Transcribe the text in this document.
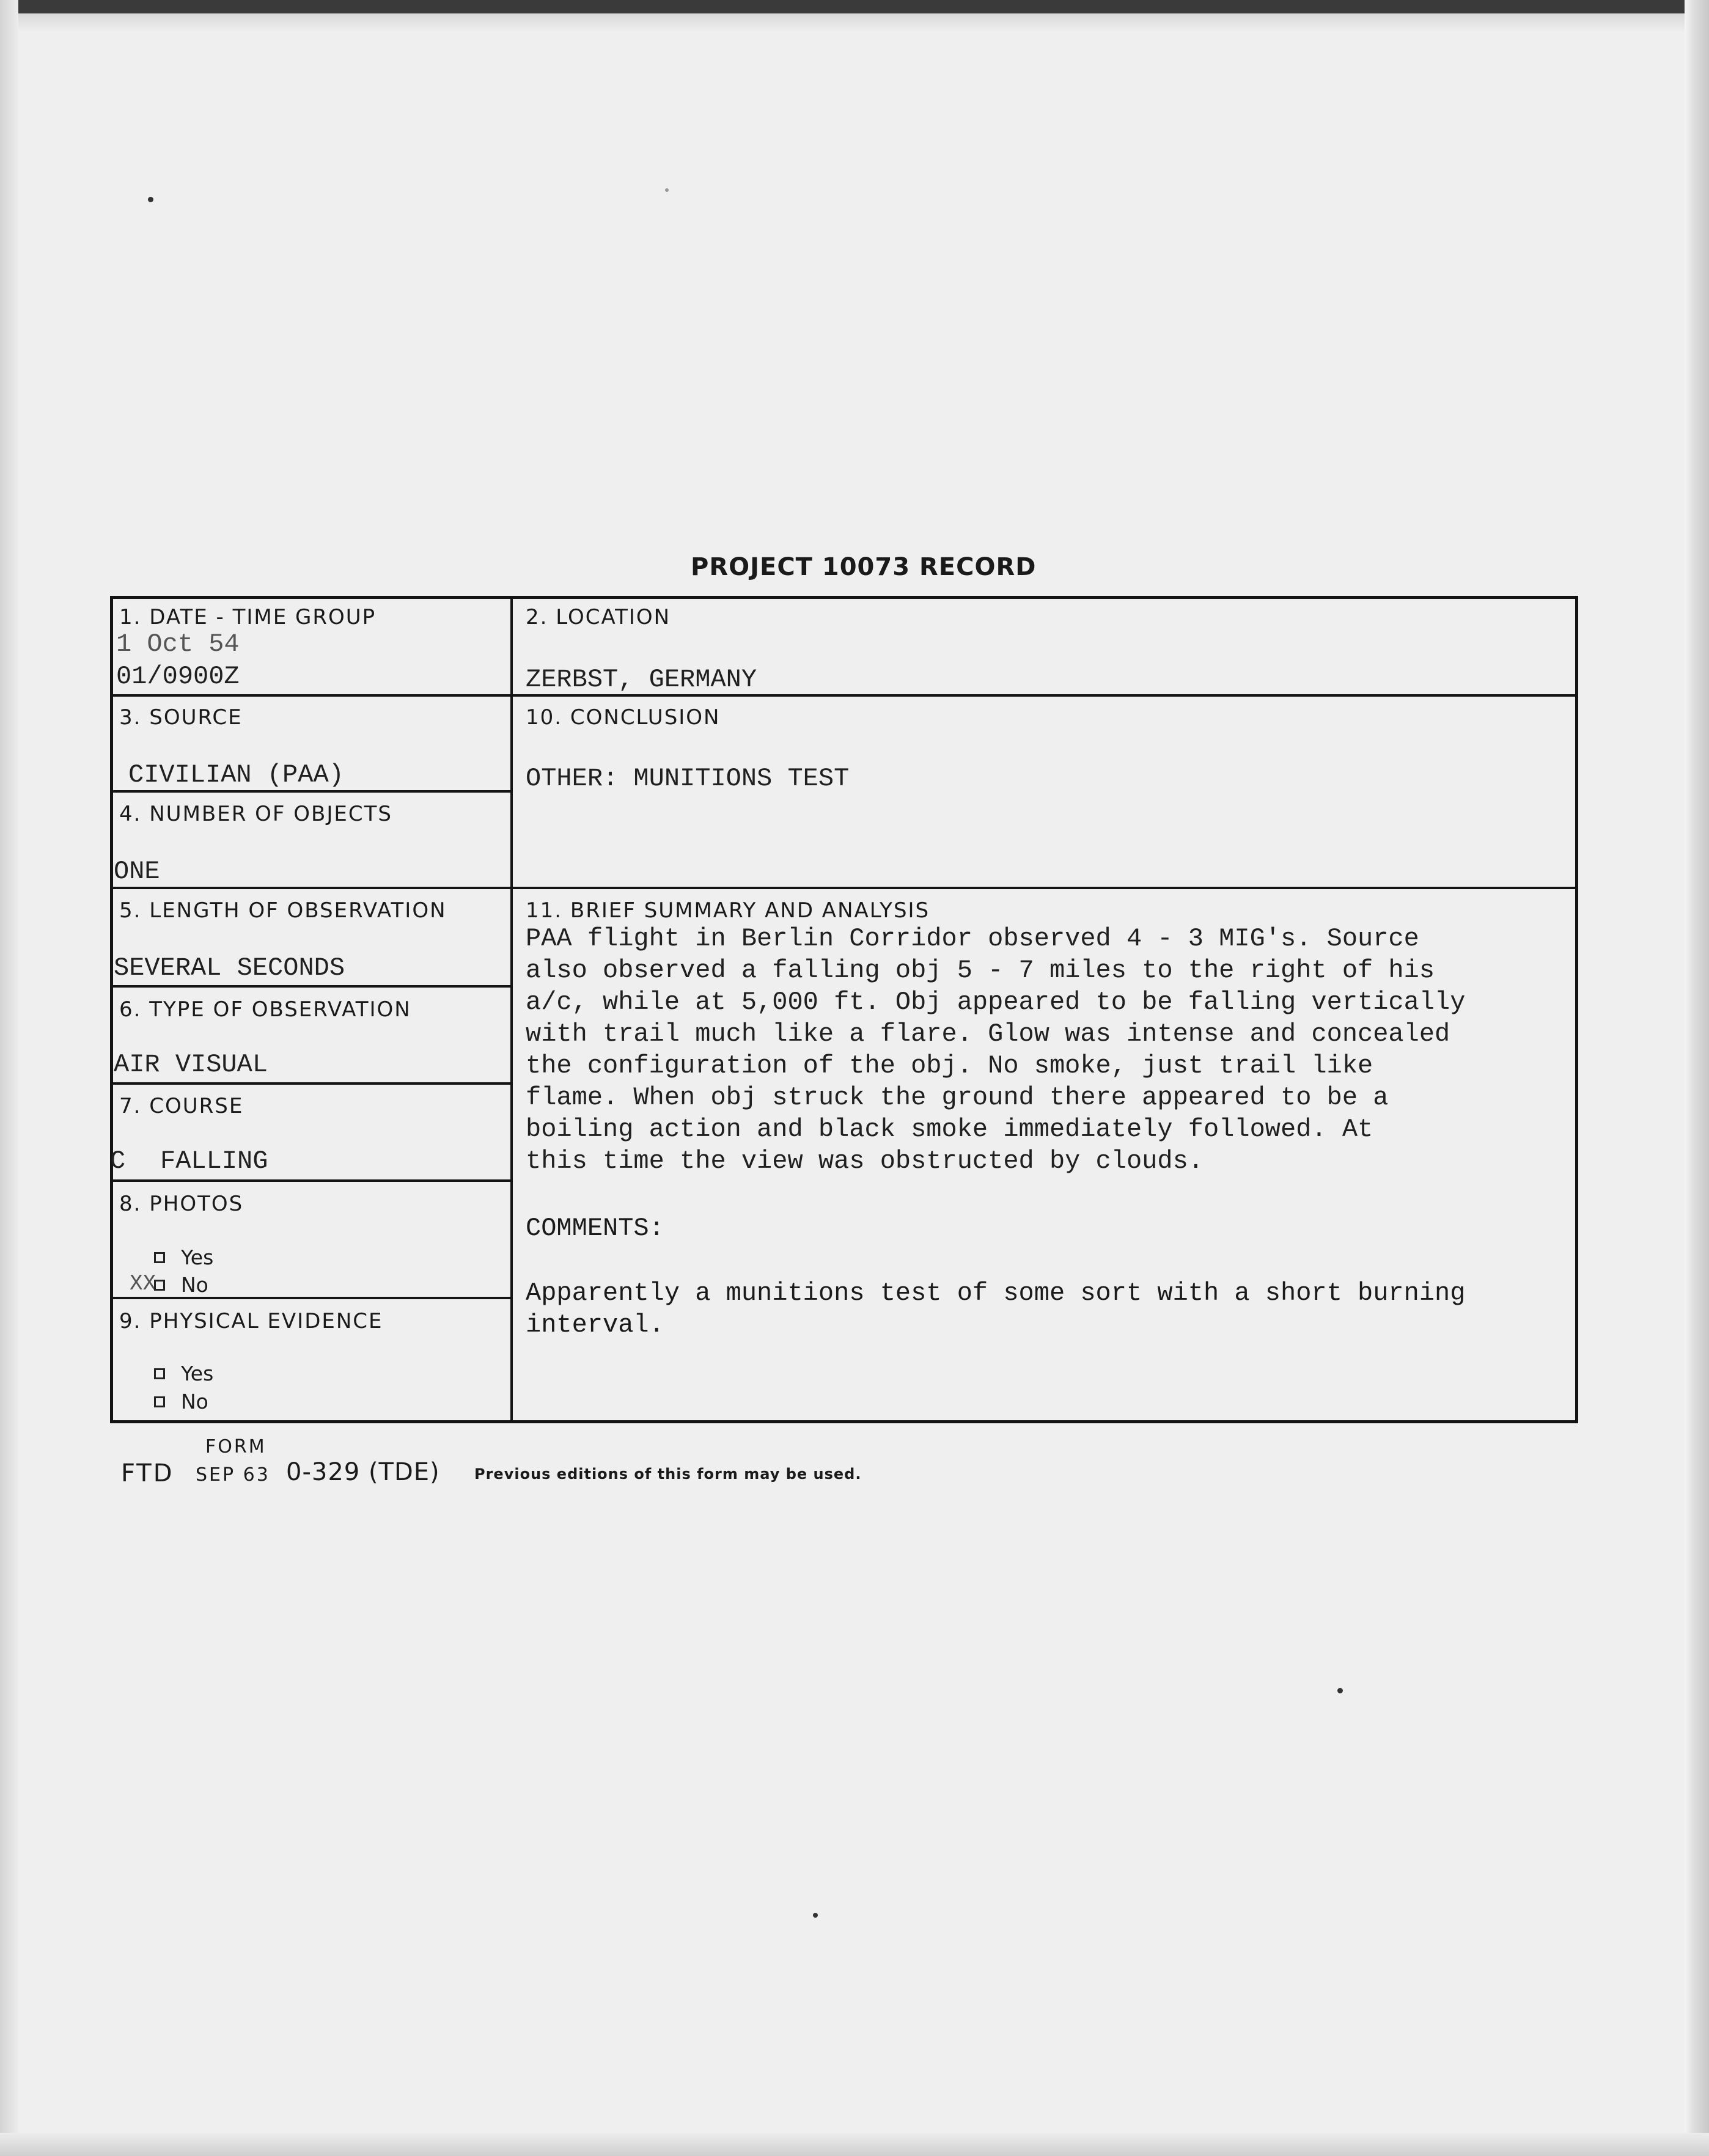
PROJECT 10073 RECORD
1. DATE - TIME GROUP
1 Oct 54
01/0900Z
2. LOCATION
ZERBST, GERMANY
3. SOURCE
CIVILIAN (PAA)
10. CONCLUSION
OTHER: MUNITIONS TEST
4. NUMBER OF OBJECTS
ONE
5. LENGTH OF OBSERVATION
SEVERAL SECONDS
11. BRIEF SUMMARY AND ANALYSIS
PAA flight in Berlin Corridor observed 4 - 3 MIG's. Source
also observed a falling obj 5 - 7 miles to the right of his
a/c, while at 5,000 ft. Obj appeared to be falling vertically
with trail much like a flare. Glow was intense and concealed
the configuration of the obj. No smoke, just trail like
flame. When obj struck the ground there appeared to be a
boiling action and black smoke immediately followed. At
this time the view was obstructed by clouds.
COMMENTS:
Apparently a munitions test of some sort with a short burning
interval.
6. TYPE OF OBSERVATION
AIR VISUAL
7. COURSE
C FALLING
8. PHOTOS
Yes
XX No
9. PHYSICAL EVIDENCE
Yes
No
FORM
FTD SEP 63 0-329 (TDE) Previous editions of this form may be used.
